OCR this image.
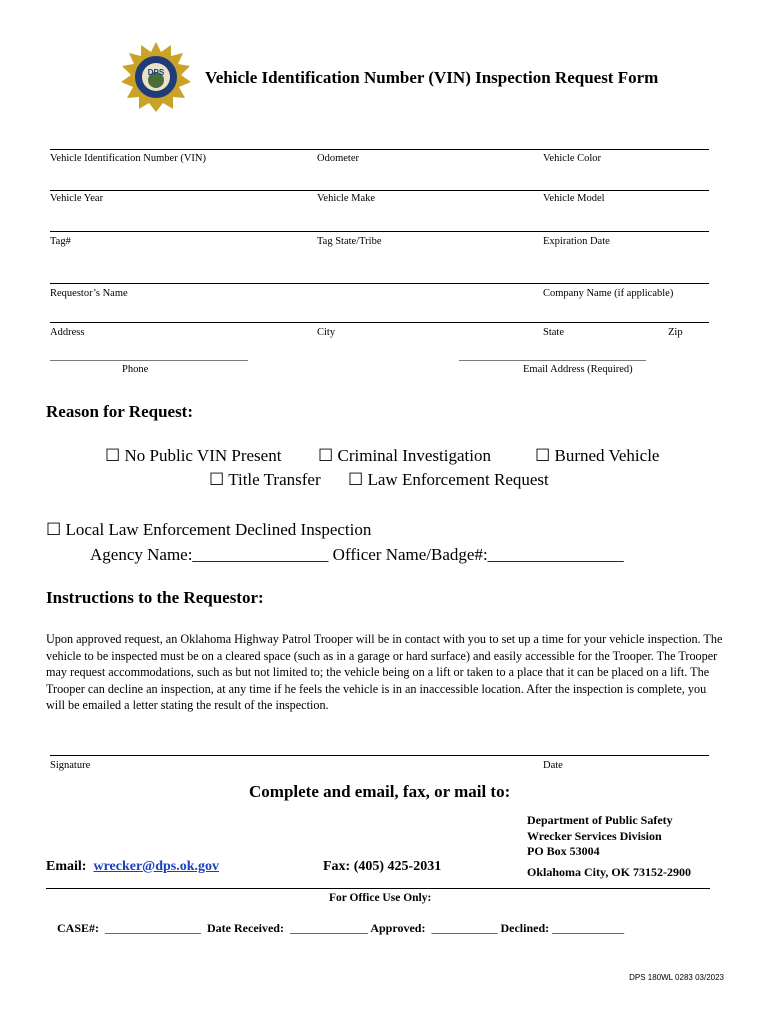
DPS Vehicle Identification Number (VIN) Inspection Request Form
Vehicle Identification Number (VIN)	Odometer	Vehicle Color
Vehicle Year	Vehicle Make	Vehicle Model
Tag#	Tag State/Tribe	Expiration Date
Requestor’s Name	Company Name (if applicable)
Address	City	State	Zip
____________________________________
Phone
__________________________________
Email Address (Required)
Reason for Request:
☐ No Public VIN Present ☐ Criminal Investigation	☐ Burned Vehicle
☐ Title Transfer ☐ Law Enforcement Request
☐ Local Law Enforcement Declined Inspection
Agency Name:________________ Officer Name/Badge#:________________
Instructions to the Requestor:
Upon approved request, an Oklahoma Highway Patrol Trooper will be in contact with you to set up a time for your vehicle inspection. The vehicle to be inspected must be on a cleared space (such as in a garage or hard surface) and easily accessible for the Trooper. The Trooper may request accommodations, such as but not limited to; the vehicle being on a lift or taken to a place that it can be placed on a lift. The Trooper can decline an inspection, at any time if he feels the vehicle is in an inaccessible location. After the inspection is complete, you will be emailed a letter stating the result of the inspection.
Signature	Date
Complete and email, fax, or mail to:
Department of Public Safety
Wrecker Services Division
PO Box 53004
Oklahoma City, OK 73152-2900
Email: wrecker@dps.ok.gov	Fax: (405) 425-2031
For Office Use Only:
CASE#: ________________ Date Received: _____________ Approved: ___________ Declined: ____________
DPS 180WL 0283 03/2023
